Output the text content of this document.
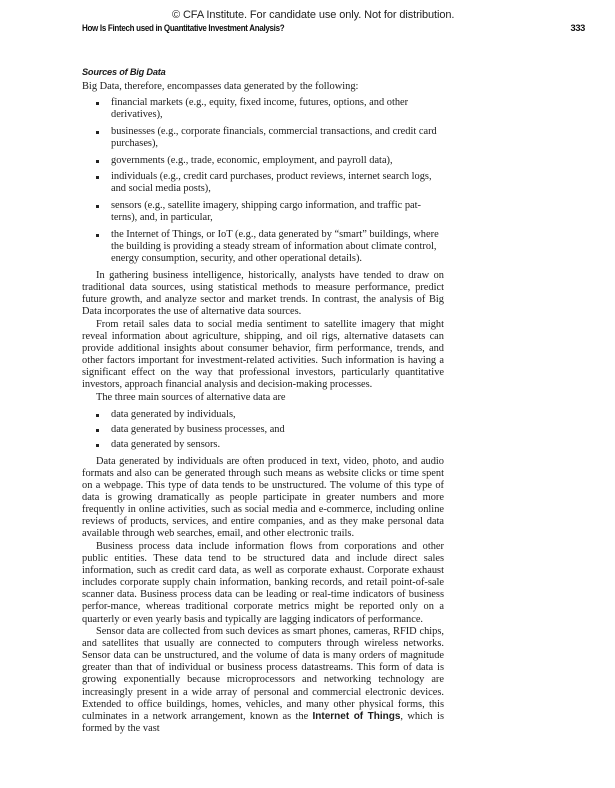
© CFA Institute. For candidate use only. Not for distribution.
How Is Fintech used in Quantitative Investment Analysis?	333
Sources of Big Data

Big Data, therefore, encompasses data generated by the following:

financial markets (e.g., equity, fixed income, futures, options, and other derivatives),
businesses (e.g., corporate financials, commercial transactions, and credit card purchases),
governments (e.g., trade, economic, employment, and payroll data),
individuals (e.g., credit card purchases, product reviews, internet search logs, and social media posts),
sensors (e.g., satellite imagery, shipping cargo information, and traffic pat-terns), and, in particular,
the Internet of Things, or IoT (e.g., data generated by “smart” buildings, where the building is providing a steady stream of information about climate control, energy consumption, security, and other operational details).

In gathering business intelligence, historically, analysts have tended to draw on traditional data sources, using statistical methods to measure performance, predict future growth, and analyze sector and market trends. In contrast, the analysis of Big Data incorporates the use of alternative data sources.

From retail sales data to social media sentiment to satellite imagery that might reveal information about agriculture, shipping, and oil rigs, alternative datasets can provide additional insights about consumer behavior, firm performance, trends, and other factors important for investment-related activities. Such information is having a significant effect on the way that professional investors, particularly quantitative investors, approach financial analysis and decision-making processes.

The three main sources of alternative data are

data generated by individuals,
data generated by business processes, and
data generated by sensors.

Data generated by individuals are often produced in text, video, photo, and audio formats and also can be generated through such means as website clicks or time spent on a webpage. This type of data tends to be unstructured. The volume of this type of data is growing dramatically as people participate in greater numbers and more frequently in online activities, such as social media and e-commerce, including online reviews of products, services, and entire companies, and as they make personal data available through web searches, email, and other electronic trails.

Business process data include information flows from corporations and other public entities. These data tend to be structured data and include direct sales information, such as credit card data, as well as corporate exhaust. Corporate exhaust includes corporate supply chain information, banking records, and retail point-of-sale scanner data. Business process data can be leading or real-time indicators of business perfor-mance, whereas traditional corporate metrics might be reported only on a quarterly or even yearly basis and typically are lagging indicators of performance.

Sensor data are collected from such devices as smart phones, cameras, RFID chips, and satellites that usually are connected to computers through wireless networks. Sensor data can be unstructured, and the volume of data is many orders of magnitude greater than that of individual or business process datastreams. This form of data is growing exponentially because microprocessors and networking technology are increasingly present in a wide array of personal and commercial electronic devices. Extended to office buildings, homes, vehicles, and many other physical forms, this culminates in a network arrangement, known as the Internet of Things, which is formed by the vast
